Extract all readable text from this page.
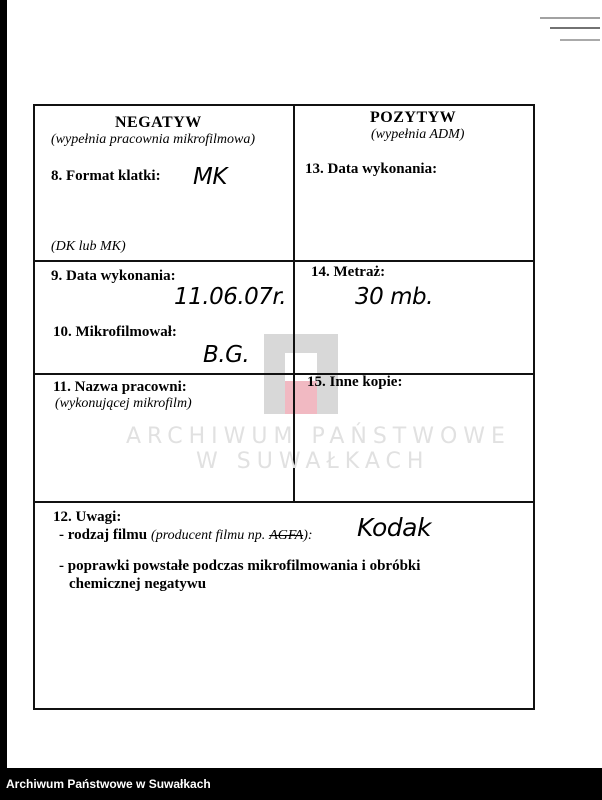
NEGATYW
(wypełnia pracownia mikrofilmowa)
POZYTYW
(wypełnia ADM)
8. Format klatki: MK
(DK lub MK)
13. Data wykonania:
9. Data wykonania:
11.06.07r.
14. Metraż:
30 mb.
10. Mikrofilmował:
B.G.
11. Nazwa pracowni:
(wykonującej mikrofilm)
15. Inne kopie:
12. Uwagi:
- rodzaj filmu (producent filmu np. AGFA): Kodak
- poprawki powstałe podczas mikrofilmowania i obróbki
chemicznej negatywu
ARCHIWUM PAŃSTWOWE
W SUWAŁKACH
Archiwum Państwowe w Suwałkach
